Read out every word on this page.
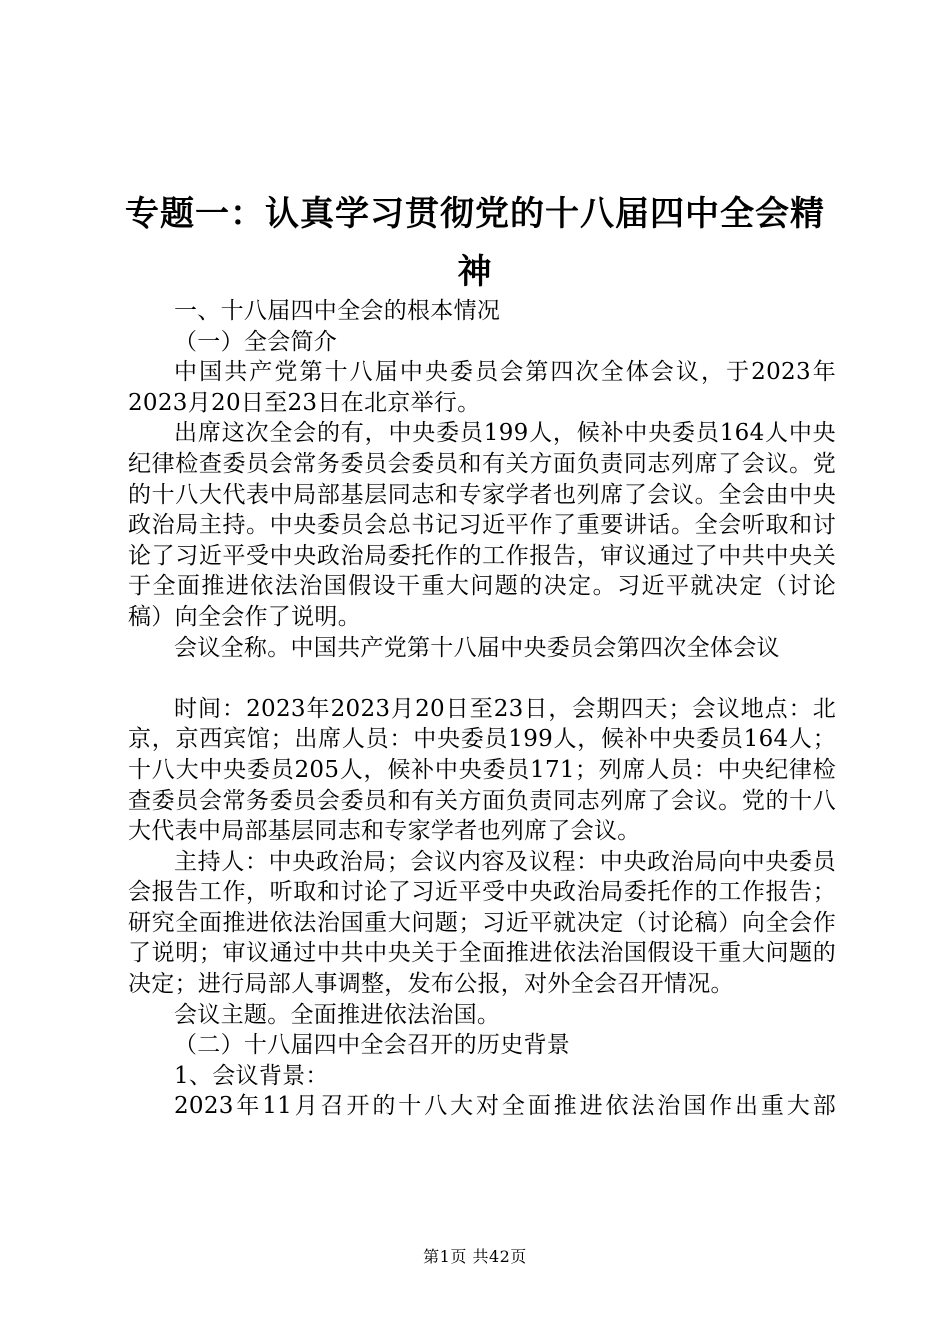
专题一：认真学习贯彻党的十八届四中全会精
神

一、十八届四中全会的根本情况

（一）全会简介

中国共产党第十八届中央委员会第四次全体会议，于2023年2023月20日至23日在北京举行。

出席这次全会的有，中央委员199人，候补中央委员164人中央纪律检查委员会常务委员会委员和有关方面负责同志列席了会议。党的十八大代表中局部基层同志和专家学者也列席了会议。全会由中央政治局主持。中央委员会总书记习近平作了重要讲话。全会听取和讨论了习近平受中央政治局委托作的工作报告，审议通过了中共中央关于全面推进依法治国假设干重大问题的决定。习近平就决定（讨论稿）向全会作了说明。

会议全称。中国共产党第十八届中央委员会第四次全体会议

时间：2023年2023月20日至23日，会期四天；会议地点：北京，京西宾馆；出席人员：中央委员199人，候补中央委员164人；十八大中央委员205人，候补中央委员171；列席人员：中央纪律检查委员会常务委员会委员和有关方面负责同志列席了会议。党的十八大代表中局部基层同志和专家学者也列席了会议。

主持人：中央政治局；会议内容及议程：中央政治局向中央委员会报告工作，听取和讨论了习近平受中央政治局委托作的工作报告；研究全面推进依法治国重大问题；习近平就决定（讨论稿）向全会作了说明；审议通过中共中央关于全面推进依法治国假设干重大问题的决定；进行局部人事调整，发布公报，对外全会召开情况。

会议主题。全面推进依法治国。

（二）十八届四中全会召开的历史背景

1、会议背景：

2023年11月召开的十八大对全面推进依法治国作出重大部

第1页 共42页
